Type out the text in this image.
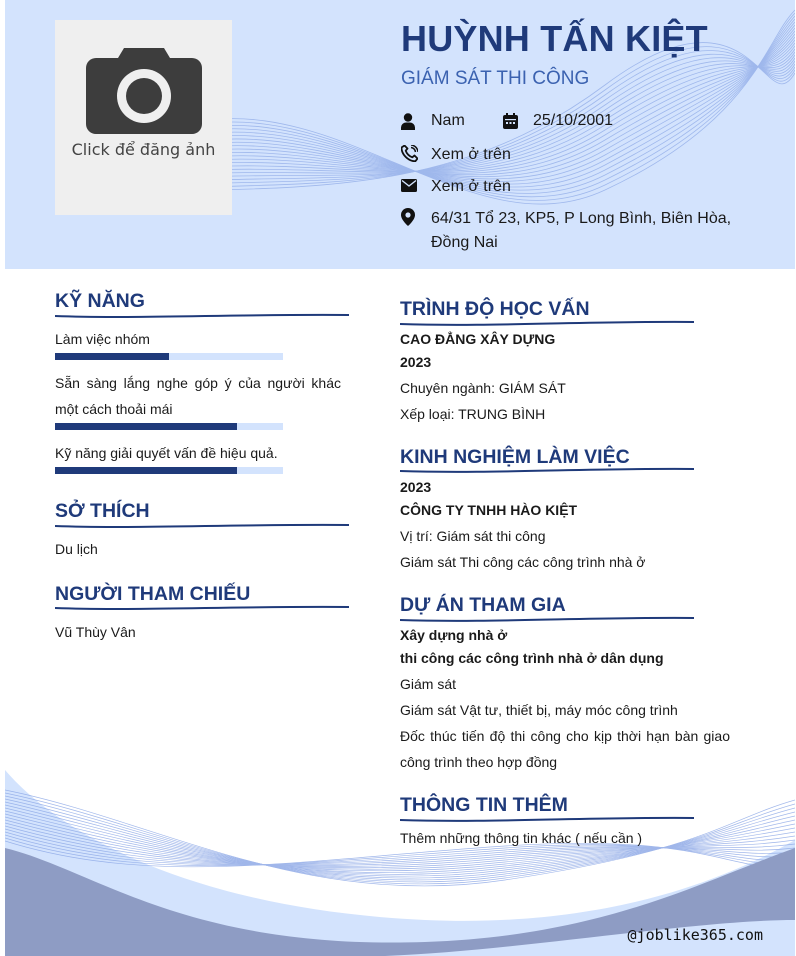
Click để đăng ảnh
HUỲNH TẤN KIỆT
GIÁM SÁT THI CÔNG
Nam	25/10/2001
Xem ở trên
Xem ở trên
64/31 Tổ 23, KP5, P Long Bình, Biên Hòa, Đồng Nai
@joblike365.com
KỸ NĂNG
Làm việc nhóm
Sẵn sàng lắng nghe góp ý của người khác một cách thoải mái
Kỹ năng giải quyết vấn đề hiệu quả.
SỞ THÍCH
Du lịch
NGƯỜI THAM CHIẾU
Vũ Thùy Vân
TRÌNH ĐỘ HỌC VẤN
CAO ĐẲNG XÂY DỰNG
2023
Chuyên ngành: GIÁM SÁT
Xếp loại: TRUNG BÌNH
KINH NGHIỆM LÀM VIỆC
2023
CÔNG TY TNHH HÀO KIỆT
Vị trí: Giám sát thi công
Giám sát Thi công các công trình nhà ở
DỰ ÁN THAM GIA
Xây dựng nhà ở
thi công các công trình nhà ở dân dụng
Giám sát
Giám sát Vật tư, thiết bị, máy móc công trình
Đốc thúc tiến độ thi công cho kịp thời hạn bàn giao công trình theo hợp đồng
THÔNG TIN THÊM
Thêm những thông tin khác ( nếu cần )
